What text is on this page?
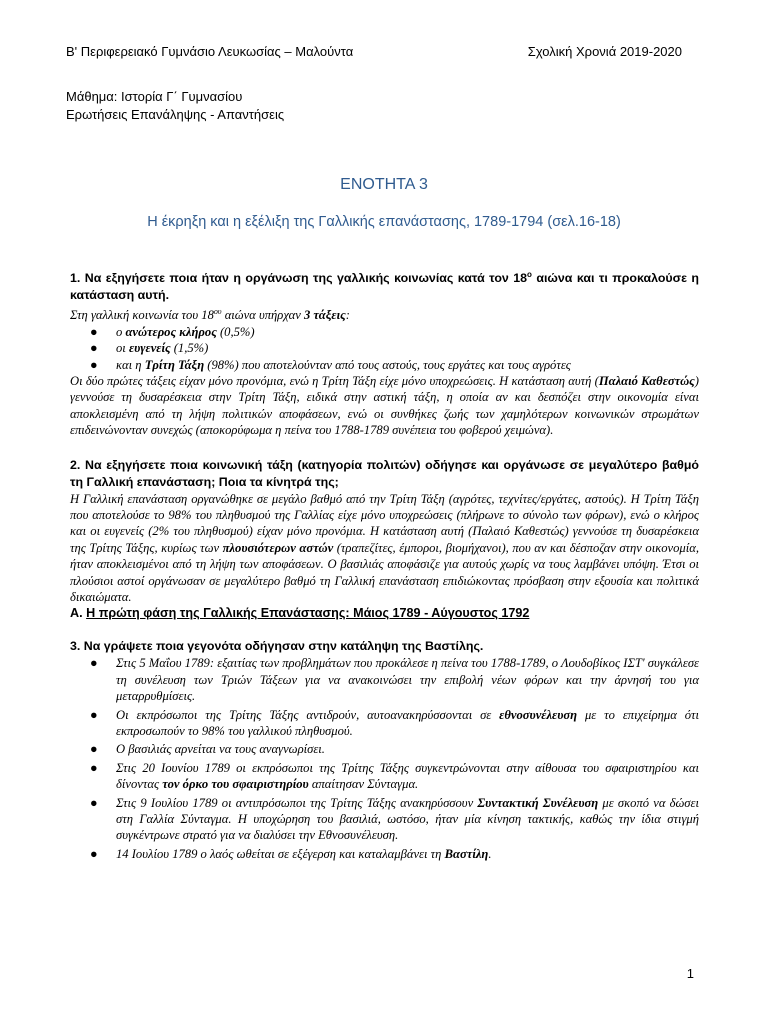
Β' Περιφερειακό Γυμνάσιο Λευκωσίας – Μαλούντα	Σχολική Χρονιά 2019-2020
Μάθημα: Ιστορία Γ΄ Γυμνασίου
Ερωτήσεις Επανάληψης - Απαντήσεις
ΕΝΟΤΗΤΑ 3
Η έκρηξη και η εξέλιξη της Γαλλικής επανάστασης, 1789-1794 (σελ.16-18)

1. Να εξηγήσετε ποια ήταν η οργάνωση της γαλλικής κοινωνίας κατά τον $18^o$ αιώνα και τι προκαλούσε η κατάσταση αυτή.

Στη γαλλική κοινωνία του $18^{o\upsilon}$ αιώνα υπήρχαν 3 τάξεις:

● ο ανώτερος κλήρος (0,5%)
● οι ευγενείς (1,5%)
● και η Τρίτη Τάξη (98%) που αποτελούνταν από τους αστούς, τους εργάτες και τους αγρότες

Οι δύο πρώτες τάξεις είχαν μόνο προνόμια, ενώ η Τρίτη Τάξη είχε μόνο υποχρεώσεις. Η κατάσταση αυτή (Παλαιό Καθεστώς) γεννούσε τη δυσαρέσκεια στην Τρίτη Τάξη, ειδικά στην αστική τάξη, η οποία αν και δεσπόζει στην οικονομία είναι αποκλεισμένη από τη λήψη πολιτικών αποφάσεων, ενώ οι συνθήκες ζωής των χαμηλότερων κοινωνικών στρωμάτων επιδεινώνονταν συνεχώς (αποκορύφωμα η πείνα του 1788-1789 συνέπεια του φοβερού χειμώνα).

2. Να εξηγήσετε ποια κοινωνική τάξη (κατηγορία πολιτών) οδήγησε και οργάνωσε σε μεγαλύτερο βαθμό τη Γαλλική επανάσταση; Ποια τα κίνητρά της;

Η Γαλλική επανάσταση οργανώθηκε σε μεγάλο βαθμό από την Τρίτη Τάξη (αγρότες, τεχνίτες/εργάτες, αστούς). Η Τρίτη Τάξη που αποτελούσε το 98% του πληθυσμού της Γαλλίας είχε μόνο υποχρεώσεις (πλήρωνε το σύνολο των φόρων), ενώ ο κλήρος και οι ευγενείς (2% του πληθυσμού) είχαν μόνο προνόμια. Η κατάσταση αυτή (Παλαιό Καθεστώς) γεννούσε τη δυσαρέσκεια της Τρίτης Τάξης, κυρίως των πλουσιότερων αστών (τραπεζίτες, έμποροι, βιομήχανοι), που αν και δέσποζαν στην οικονομία, ήταν αποκλεισμένοι από τη λήψη των αποφάσεων. Ο βασιλιάς αποφάσιζε για αυτούς χωρίς να τους λαμβάνει υπόψη. Έτσι οι πλούσιοι αστοί οργάνωσαν σε μεγαλύτερο βαθμό τη Γαλλική επανάσταση επιδιώκοντας πρόσβαση στην εξουσία και πολιτικά δικαιώματα.

Α. Η πρώτη φάση της Γαλλικής Επανάστασης: Μάιος 1789 - Αύγουστος 1792

3. Να γράψετε ποια γεγονότα οδήγησαν στην κατάληψη της Βαστίλης.

● Στις 5 Μαΐου 1789: εξαιτίας των προβλημάτων που προκάλεσε η πείνα του 1788-1789, ο Λουδοβίκος ΙΣΤ' συγκάλεσε τη συνέλευση των Τριών Τάξεων για να ανακοινώσει την επιβολή νέων φόρων και την άρνησή του για μεταρρυθμίσεις.
● Οι εκπρόσωποι της Τρίτης Τάξης αντιδρούν, αυτοανακηρύσσονται σε εθνοσυνέλευση με το επιχείρημα ότι εκπροσωπούν το 98% του γαλλικού πληθυσμού.
● Ο βασιλιάς αρνείται να τους αναγνωρίσει.
● Στις 20 Ιουνίου 1789 οι εκπρόσωποι της Τρίτης Τάξης συγκεντρώνονται στην αίθουσα του σφαιριστηρίου και δίνοντας τον όρκο του σφαιριστηρίου απαίτησαν Σύνταγμα.
● Στις 9 Ιουλίου 1789 οι αντιπρόσωποι της Τρίτης Τάξης ανακηρύσσουν Συντακτική Συνέλευση με σκοπό να δώσει στη Γαλλία Σύνταγμα. Η υποχώρηση του βασιλιά, ωστόσο, ήταν μία κίνηση τακτικής, καθώς την ίδια στιγμή συγκέντρωνε στρατό για να διαλύσει την Εθνοσυνέλευση.
● 14 Ιουλίου 1789 ο λαός ωθείται σε εξέγερση και καταλαμβάνει τη Βαστίλη.
1
